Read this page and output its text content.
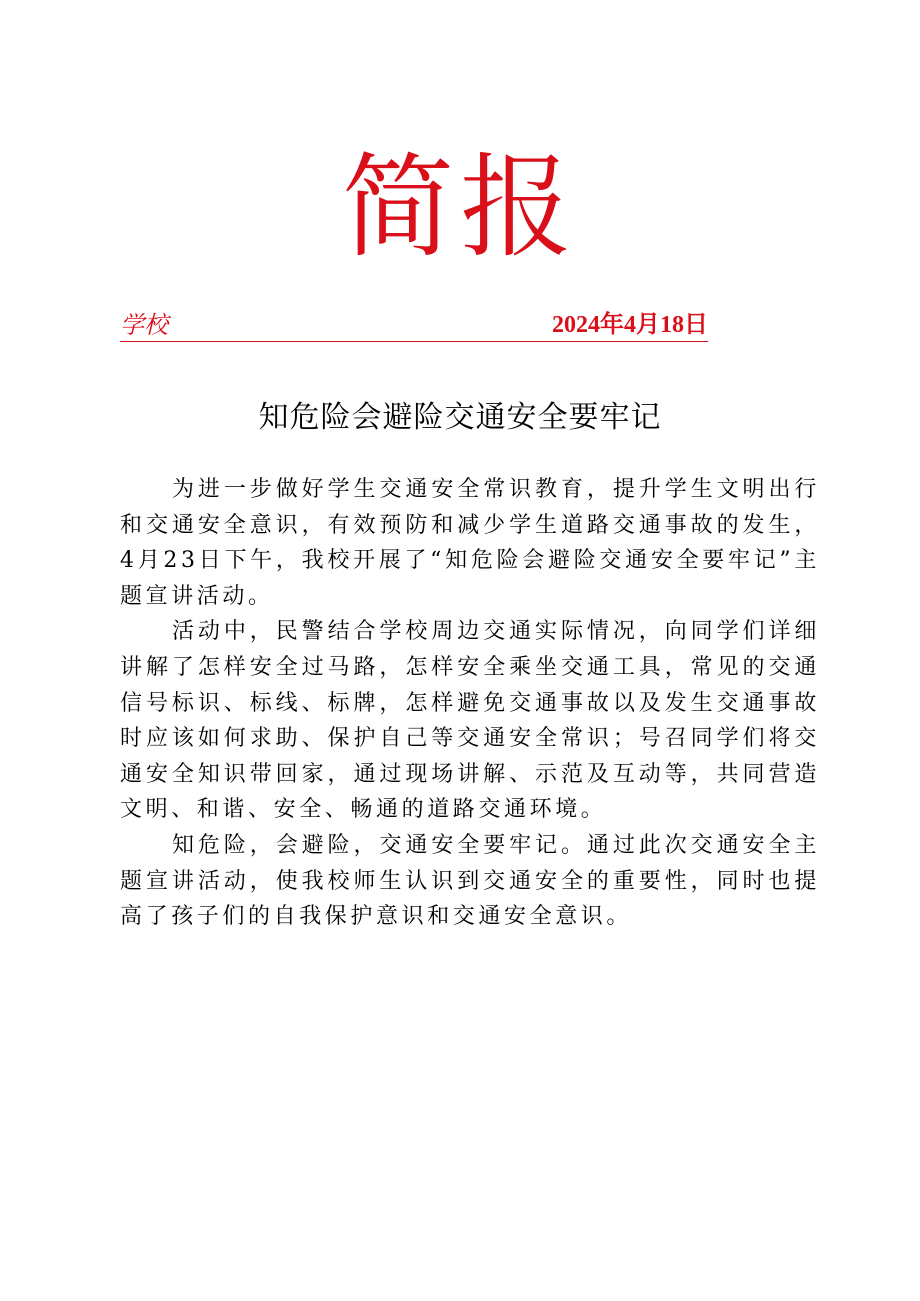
简报
学校	2024年4月18日
知危险会避险交通安全要牢记

为进一步做好学生交通安全常识教育，提升学生文明出行和交通安全意识，有效预防和减少学生道路交通事故的发生，4月23日下午，我校开展了“知危险会避险交通安全要牢记”主题宣讲活动。

活动中，民警结合学校周边交通实际情况，向同学们详细讲解了怎样安全过马路，怎样安全乘坐交通工具，常见的交通信号标识、标线、标牌，怎样避免交通事故以及发生交通事故时应该如何求助、保护自己等交通安全常识；号召同学们将交通安全知识带回家，通过现场讲解、示范及互动等，共同营造文明、和谐、安全、畅通的道路交通环境。

知危险，会避险，交通安全要牢记。通过此次交通安全主题宣讲活动，使我校师生认识到交通安全的重要性，同时也提高了孩子们的自我保护意识和交通安全意识。
